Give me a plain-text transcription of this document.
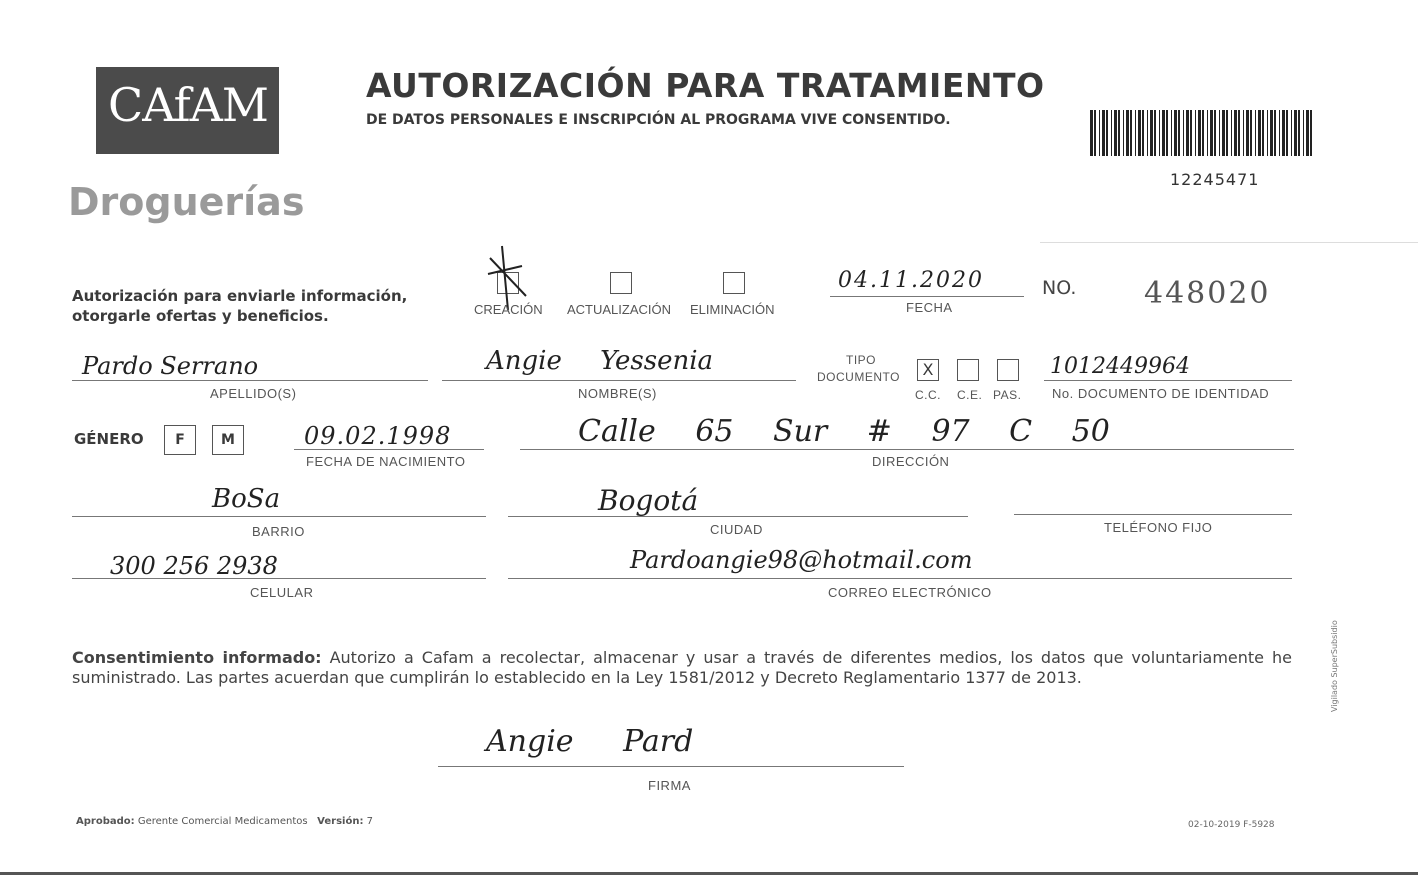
CAfAM
Droguerías
AUTORIZACIÓN PARA TRATAMIENTO
DE DATOS PERSONALES E INSCRIPCIÓN AL PROGRAMA VIVE CONSENTIDO.
12245471
Autorización para enviarle información,
otorgarle ofertas y beneficios.	CREACIÓN ACTUALIZACIÓN ELIMINACIÓN
04.11.2020
FECHA
NO. 448020
Pardo Serrano
APELLIDO(S)
Angie Yessenia
NOMBRE(S)
TIPO
DOCUMENTO	X
C.C. C.E. PAS.
1012449964
No. DOCUMENTO DE IDENTIDAD
GÉNERO	F	M	09.02.1998
FECHA DE NACIMIENTO
Calle 65 Sur # 97 C 50
DIRECCIÓN
BoSa
BARRIO
Bogotá
CIUDAD	TELÉFONO FIJO
300 256 2938
CELULAR
Pardoangie98@hotmail.com
CORREO ELECTRÓNICO
Consentimiento informado: Autorizo a Cafam a recolectar, almacenar y usar a través de diferentes medios, los datos que voluntariamente he suministrado. Las partes acuerdan que cumplirán lo establecido en la Ley 1581/2012 y Decreto Reglamentario 1377 de 2013.
Angie Pard
FIRMA
Aprobado: Gerente Comercial Medicamentos Versión: 7	02-10-2019 F-5928
Vigilado SuperSubsidio
